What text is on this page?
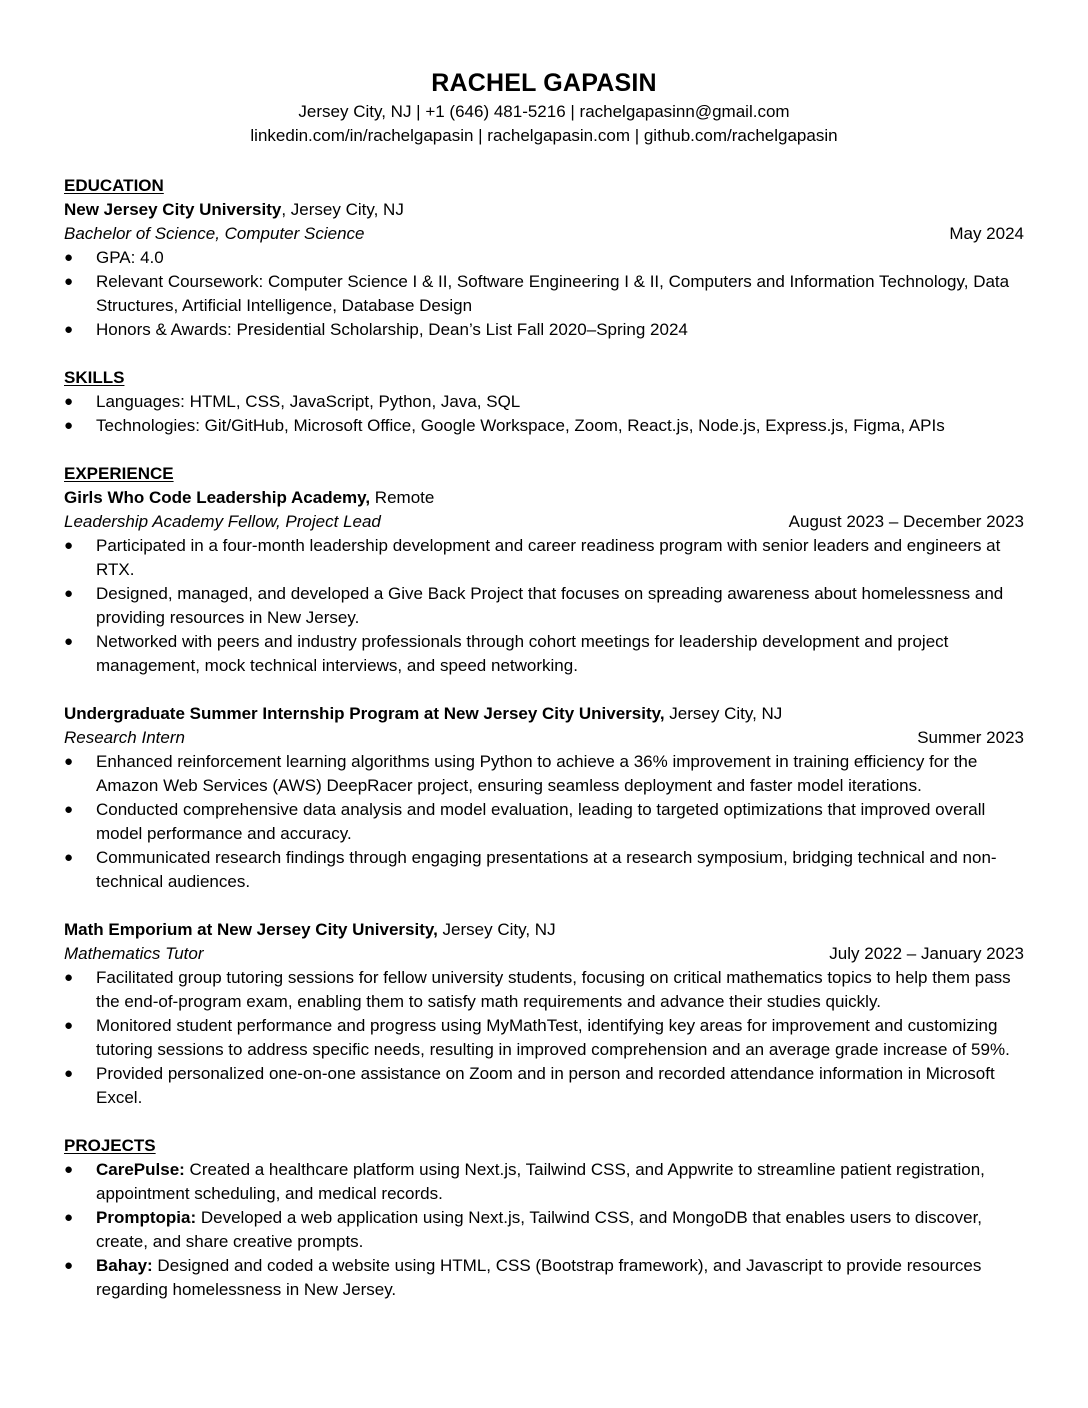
RACHEL GAPASIN
Jersey City, NJ | +1 (646) 481-5216 | rachelgapasinn@gmail.com
linkedin.com/in/rachelgapasin | rachelgapasin.com | github.com/rachelgapasin
EDUCATION
New Jersey City University, Jersey City, NJ
Bachelor of Science, Computer Science	May 2024
●	GPA: 4.0
●	Relevant Coursework: Computer Science I & II, Software Engineering I & II, Computers and Information Technology, Data Structures, Artificial Intelligence, Database Design
●	Honors & Awards: Presidential Scholarship, Dean’s List Fall 2020–Spring 2024
SKILLS
●	Languages: HTML, CSS, JavaScript, Python, Java, SQL
●	Technologies: Git/GitHub, Microsoft Office, Google Workspace, Zoom, React.js, Node.js, Express.js, Figma, APIs
EXPERIENCE
Girls Who Code Leadership Academy, Remote
Leadership Academy Fellow, Project Lead	August 2023 – December 2023
●	Participated in a four-month leadership development and career readiness program with senior leaders and engineers at RTX.
●	Designed, managed, and developed a Give Back Project that focuses on spreading awareness about homelessness and providing resources in New Jersey.
●	Networked with peers and industry professionals through cohort meetings for leadership development and project management, mock technical interviews, and speed networking.
Undergraduate Summer Internship Program at New Jersey City University, Jersey City, NJ
Research Intern	Summer 2023
●	Enhanced reinforcement learning algorithms using Python to achieve a 36% improvement in training efficiency for the Amazon Web Services (AWS) DeepRacer project, ensuring seamless deployment and faster model iterations.
●	Conducted comprehensive data analysis and model evaluation, leading to targeted optimizations that improved overall model performance and accuracy.
●	Communicated research findings through engaging presentations at a research symposium, bridging technical and non-technical audiences.
Math Emporium at New Jersey City University, Jersey City, NJ
Mathematics Tutor	July 2022 – January 2023
●	Facilitated group tutoring sessions for fellow university students, focusing on critical mathematics topics to help them pass the end-of-program exam, enabling them to satisfy math requirements and advance their studies quickly.
●	Monitored student performance and progress using MyMathTest, identifying key areas for improvement and customizing tutoring sessions to address specific needs, resulting in improved comprehension and an average grade increase of 59%.
●	Provided personalized one-on-one assistance on Zoom and in person and recorded attendance information in Microsoft Excel.
PROJECTS
●	CarePulse: Created a healthcare platform using Next.js, Tailwind CSS, and Appwrite to streamline patient registration, appointment scheduling, and medical records.
●	Promptopia: Developed a web application using Next.js, Tailwind CSS, and MongoDB that enables users to discover, create, and share creative prompts.
●	Bahay: Designed and coded a website using HTML, CSS (Bootstrap framework), and Javascript to provide resources regarding homelessness in New Jersey.
